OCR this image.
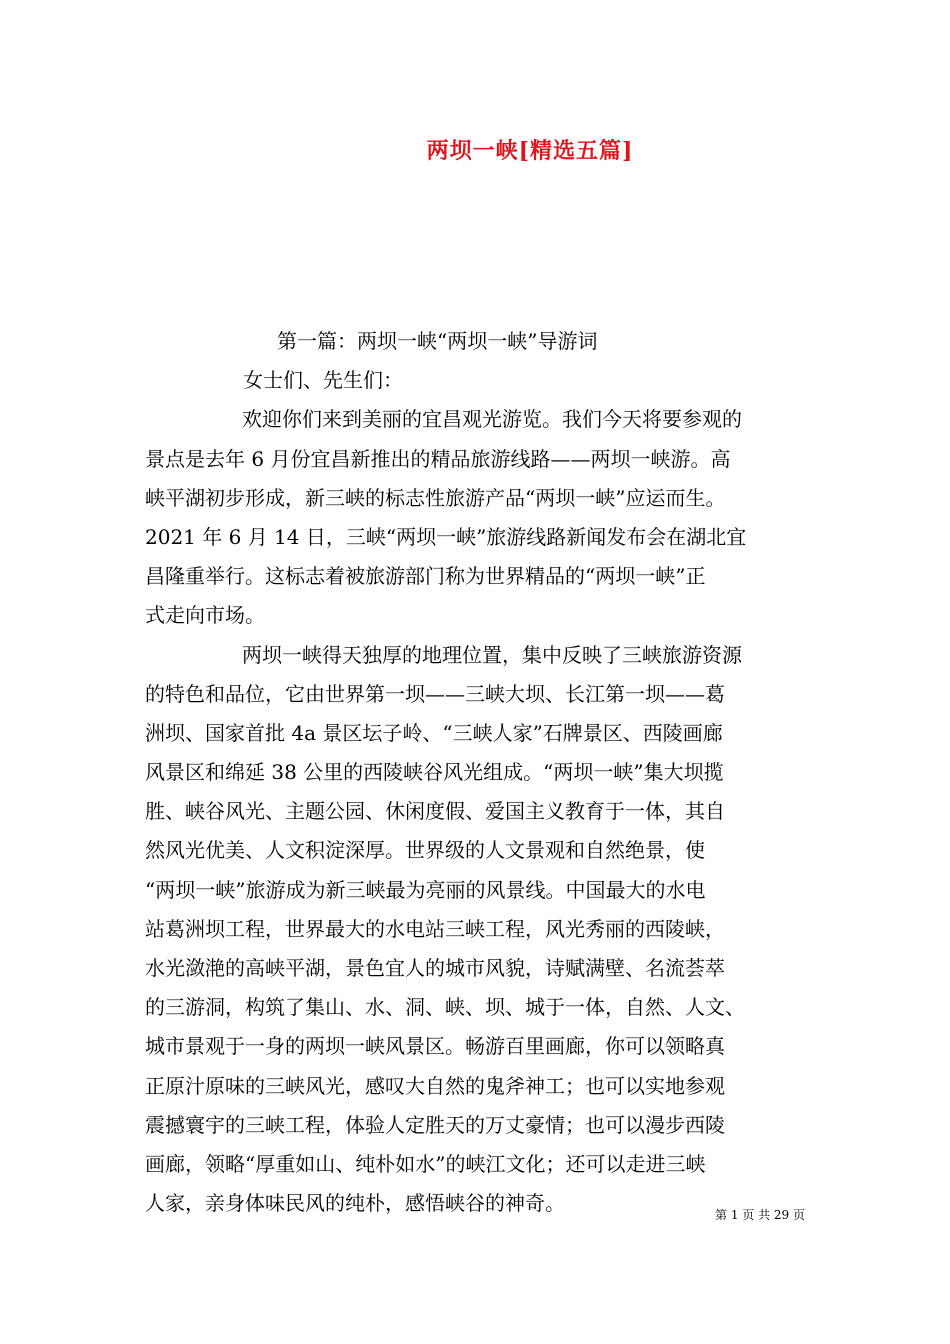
两坝一峡[精选五篇]
第一篇：两坝一峡“两坝一峡”导游词
女士们、先生们：
欢迎你们来到美丽的宜昌观光游览。我们今天将要参观的
景点是去年 6 月份宜昌新推出的精品旅游线路——两坝一峡游。高
峡平湖初步形成，新三峡的标志性旅游产品“两坝一峡”应运而生。
2021 年 6 月 14 日，三峡“两坝一峡”旅游线路新闻发布会在湖北宜
昌隆重举行。这标志着被旅游部门称为世界精品的“两坝一峡”正
式走向市场。
两坝一峡得天独厚的地理位置，集中反映了三峡旅游资源
的特色和品位，它由世界第一坝——三峡大坝、长江第一坝——葛
洲坝、国家首批 4a 景区坛子岭、“三峡人家”石牌景区、西陵画廊
风景区和绵延 38 公里的西陵峡谷风光组成。“两坝一峡”集大坝揽
胜、峡谷风光、主题公园、休闲度假、爱国主义教育于一体，其自
然风光优美、人文积淀深厚。世界级的人文景观和自然绝景，使
“两坝一峡”旅游成为新三峡最为亮丽的风景线。中国最大的水电
站葛洲坝工程，世界最大的水电站三峡工程，风光秀丽的西陵峡，
水光潋滟的高峡平湖，景色宜人的城市风貌，诗赋满壁、名流荟萃
的三游洞，构筑了集山、水、洞、峡、坝、城于一体，自然、人文、
城市景观于一身的两坝一峡风景区。畅游百里画廊，你可以领略真
正原汁原味的三峡风光，感叹大自然的鬼斧神工；也可以实地参观
震撼寰宇的三峡工程，体验人定胜天的万丈豪情；也可以漫步西陵
画廊，领略“厚重如山、纯朴如水”的峡江文化；还可以走进三峡
人家，亲身体味民风的纯朴，感悟峡谷的神奇。	第 1 页 共 29 页
